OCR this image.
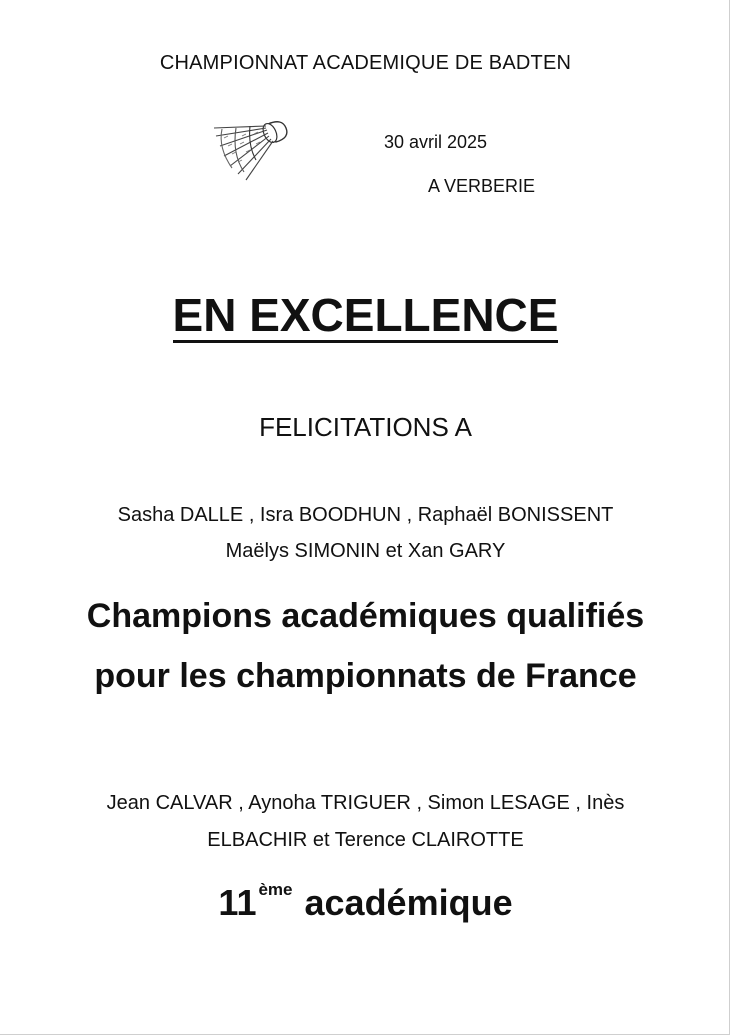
CHAMPIONNAT ACADEMIQUE DE BADTEN
30 avril 2025
A VERBERIE
EN EXCELLENCE
FELICITATIONS A
Sasha DALLE , Isra BOODHUN , Raphaël BONISSENT
Maëlys SIMONIN et Xan GARY
Champions académiques qualifiés
pour les championnats de France
Jean CALVAR , Aynoha TRIGUER , Simon LESAGE , Inès
ELBACHIR et Terence CLAIROTTE
11 $^{ème}$ académique
